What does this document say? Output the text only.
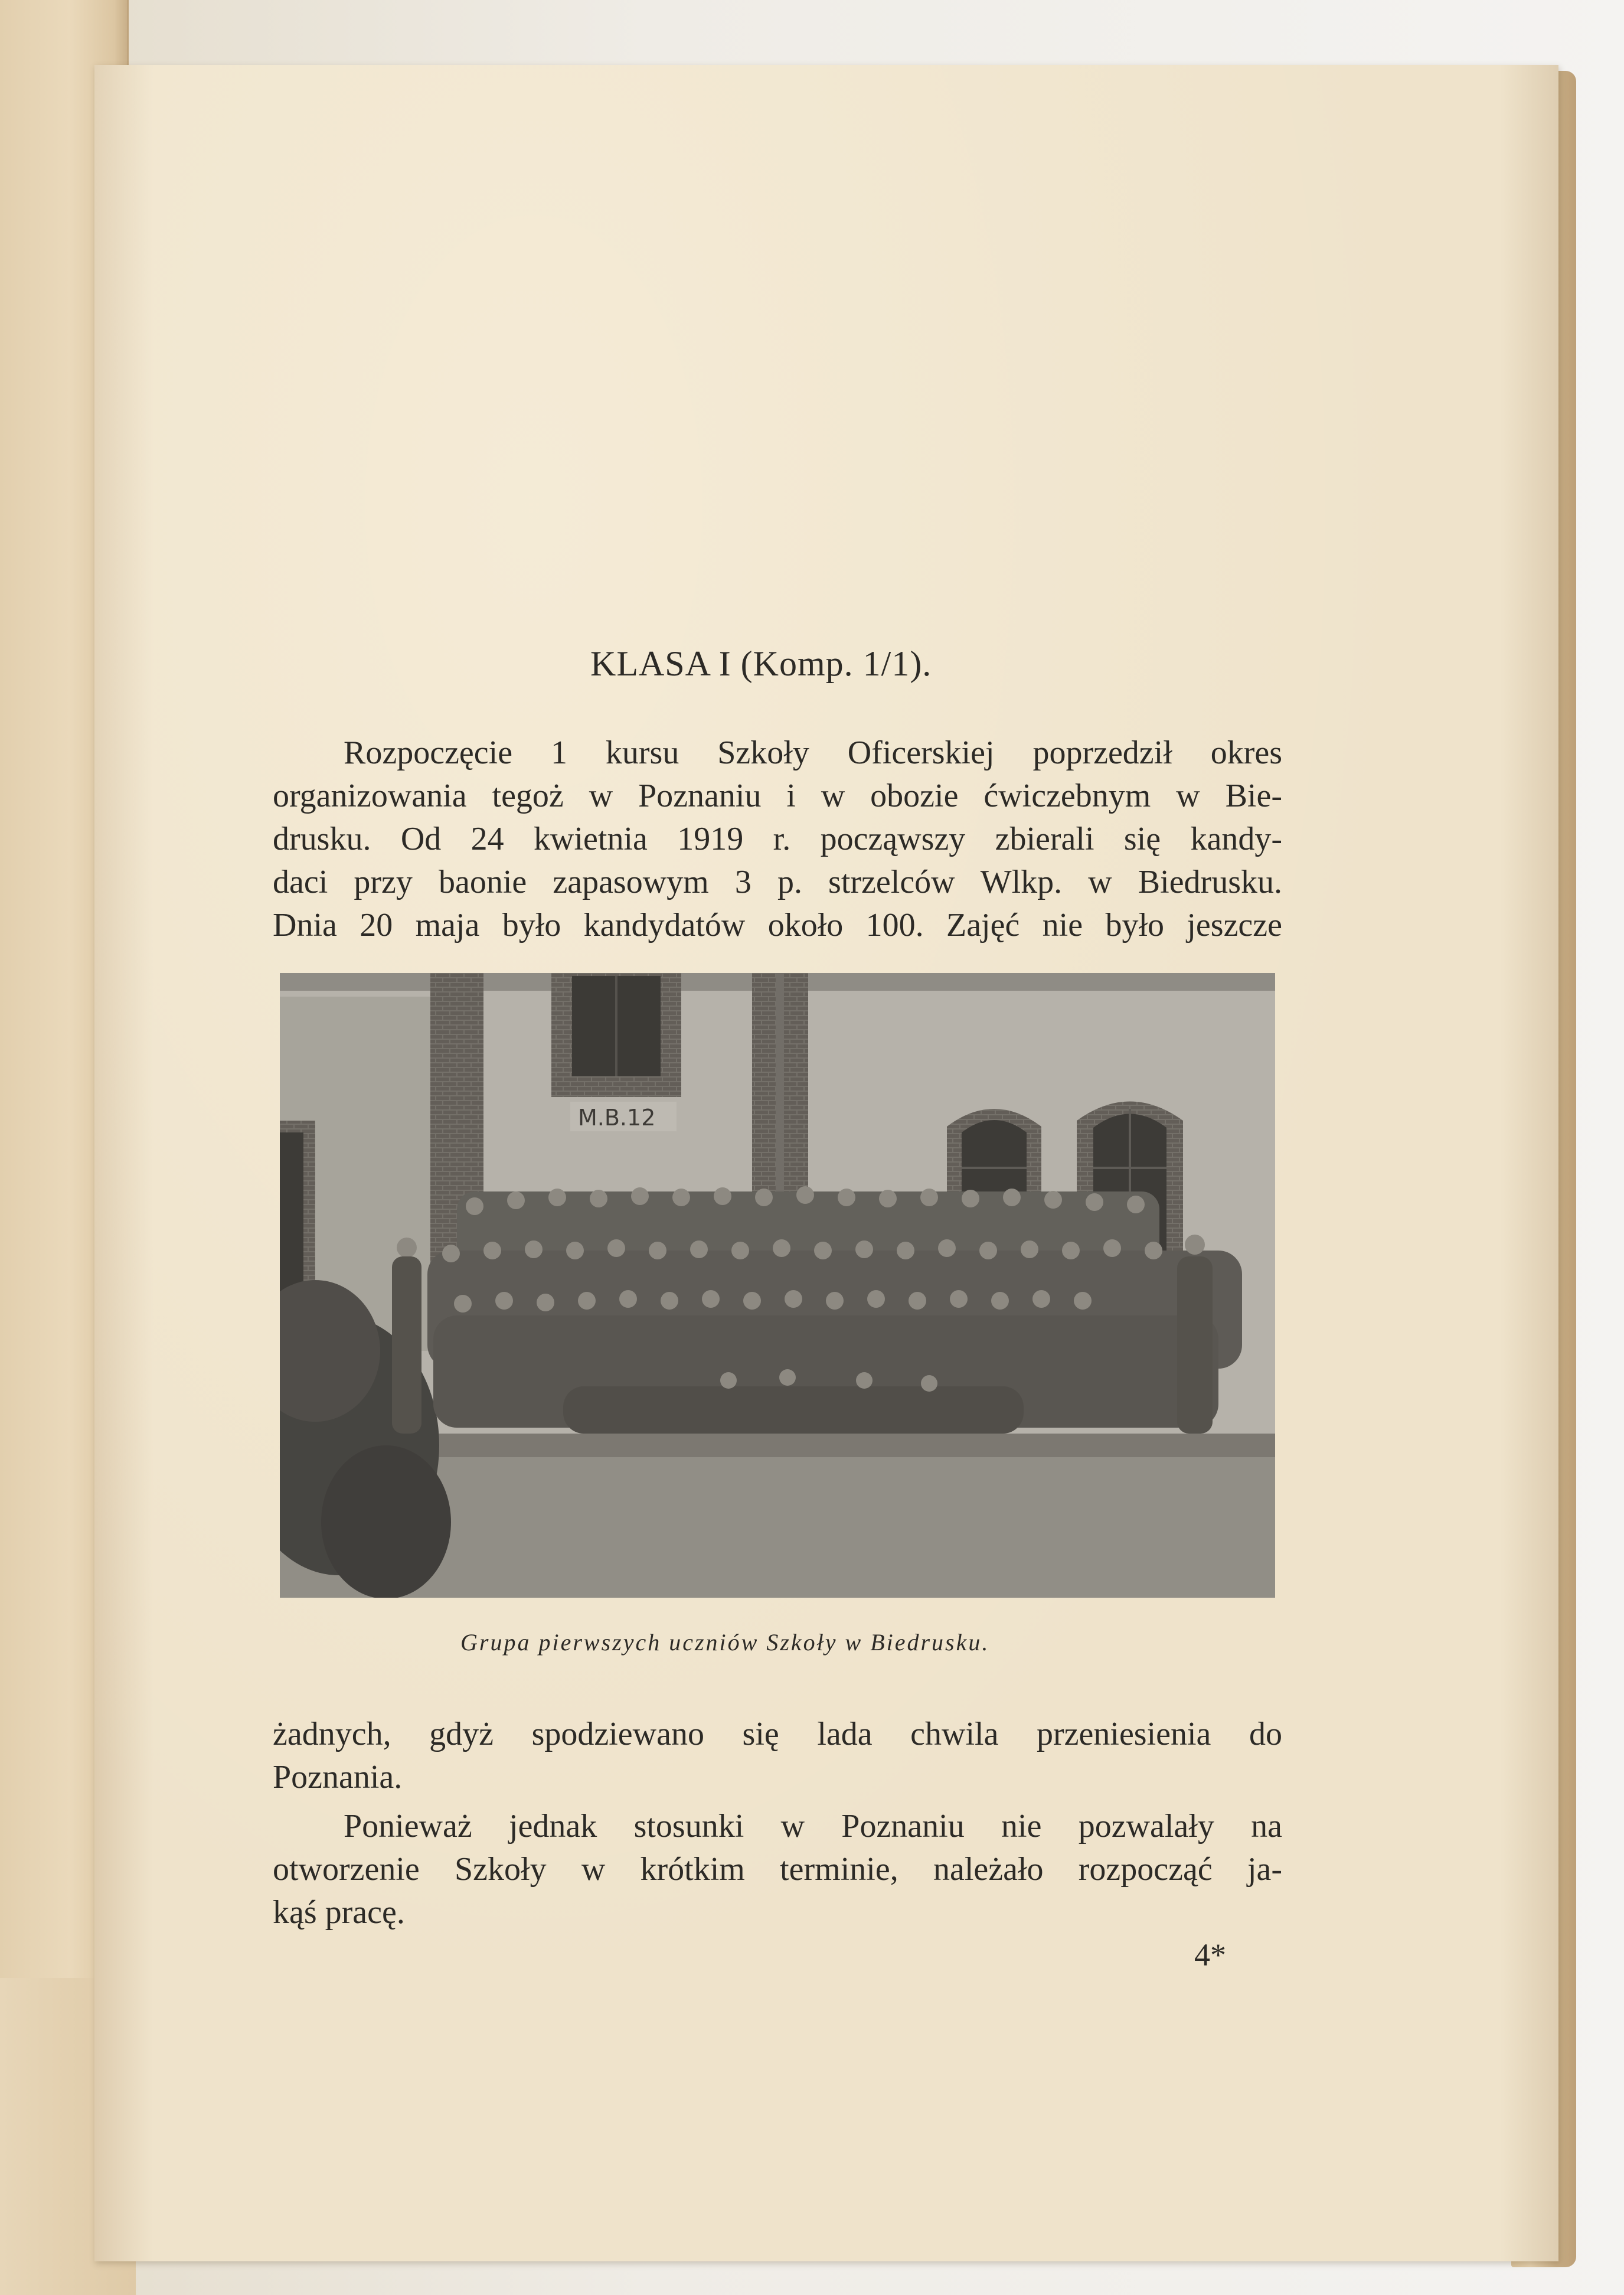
KLASA I (Komp. 1/1).
Rozpoczęcie 1 kursu Szkoły Oficerskiej poprzedził okres
organizowania tegoż w Poznaniu i w obozie ćwiczebnym w Bie-
drusku. Od 24 kwietnia 1919 r. począwszy zbierali się kandy-
daci przy baonie zapasowym 3 p. strzelców Wlkp. w Biedrusku.
Dnia 20 maja było kandydatów około 100. Zajęć nie było jeszcze
M.B.12
Grupa pierwszych uczniów Szkoły w Biedrusku.
żadnych, gdyż spodziewano się lada chwila przeniesienia do
Poznania.
Ponieważ jednak stosunki w Poznaniu nie pozwalały na
otworzenie Szkoły w krótkim terminie, należało rozpocząć ja-
kąś pracę.
4*
